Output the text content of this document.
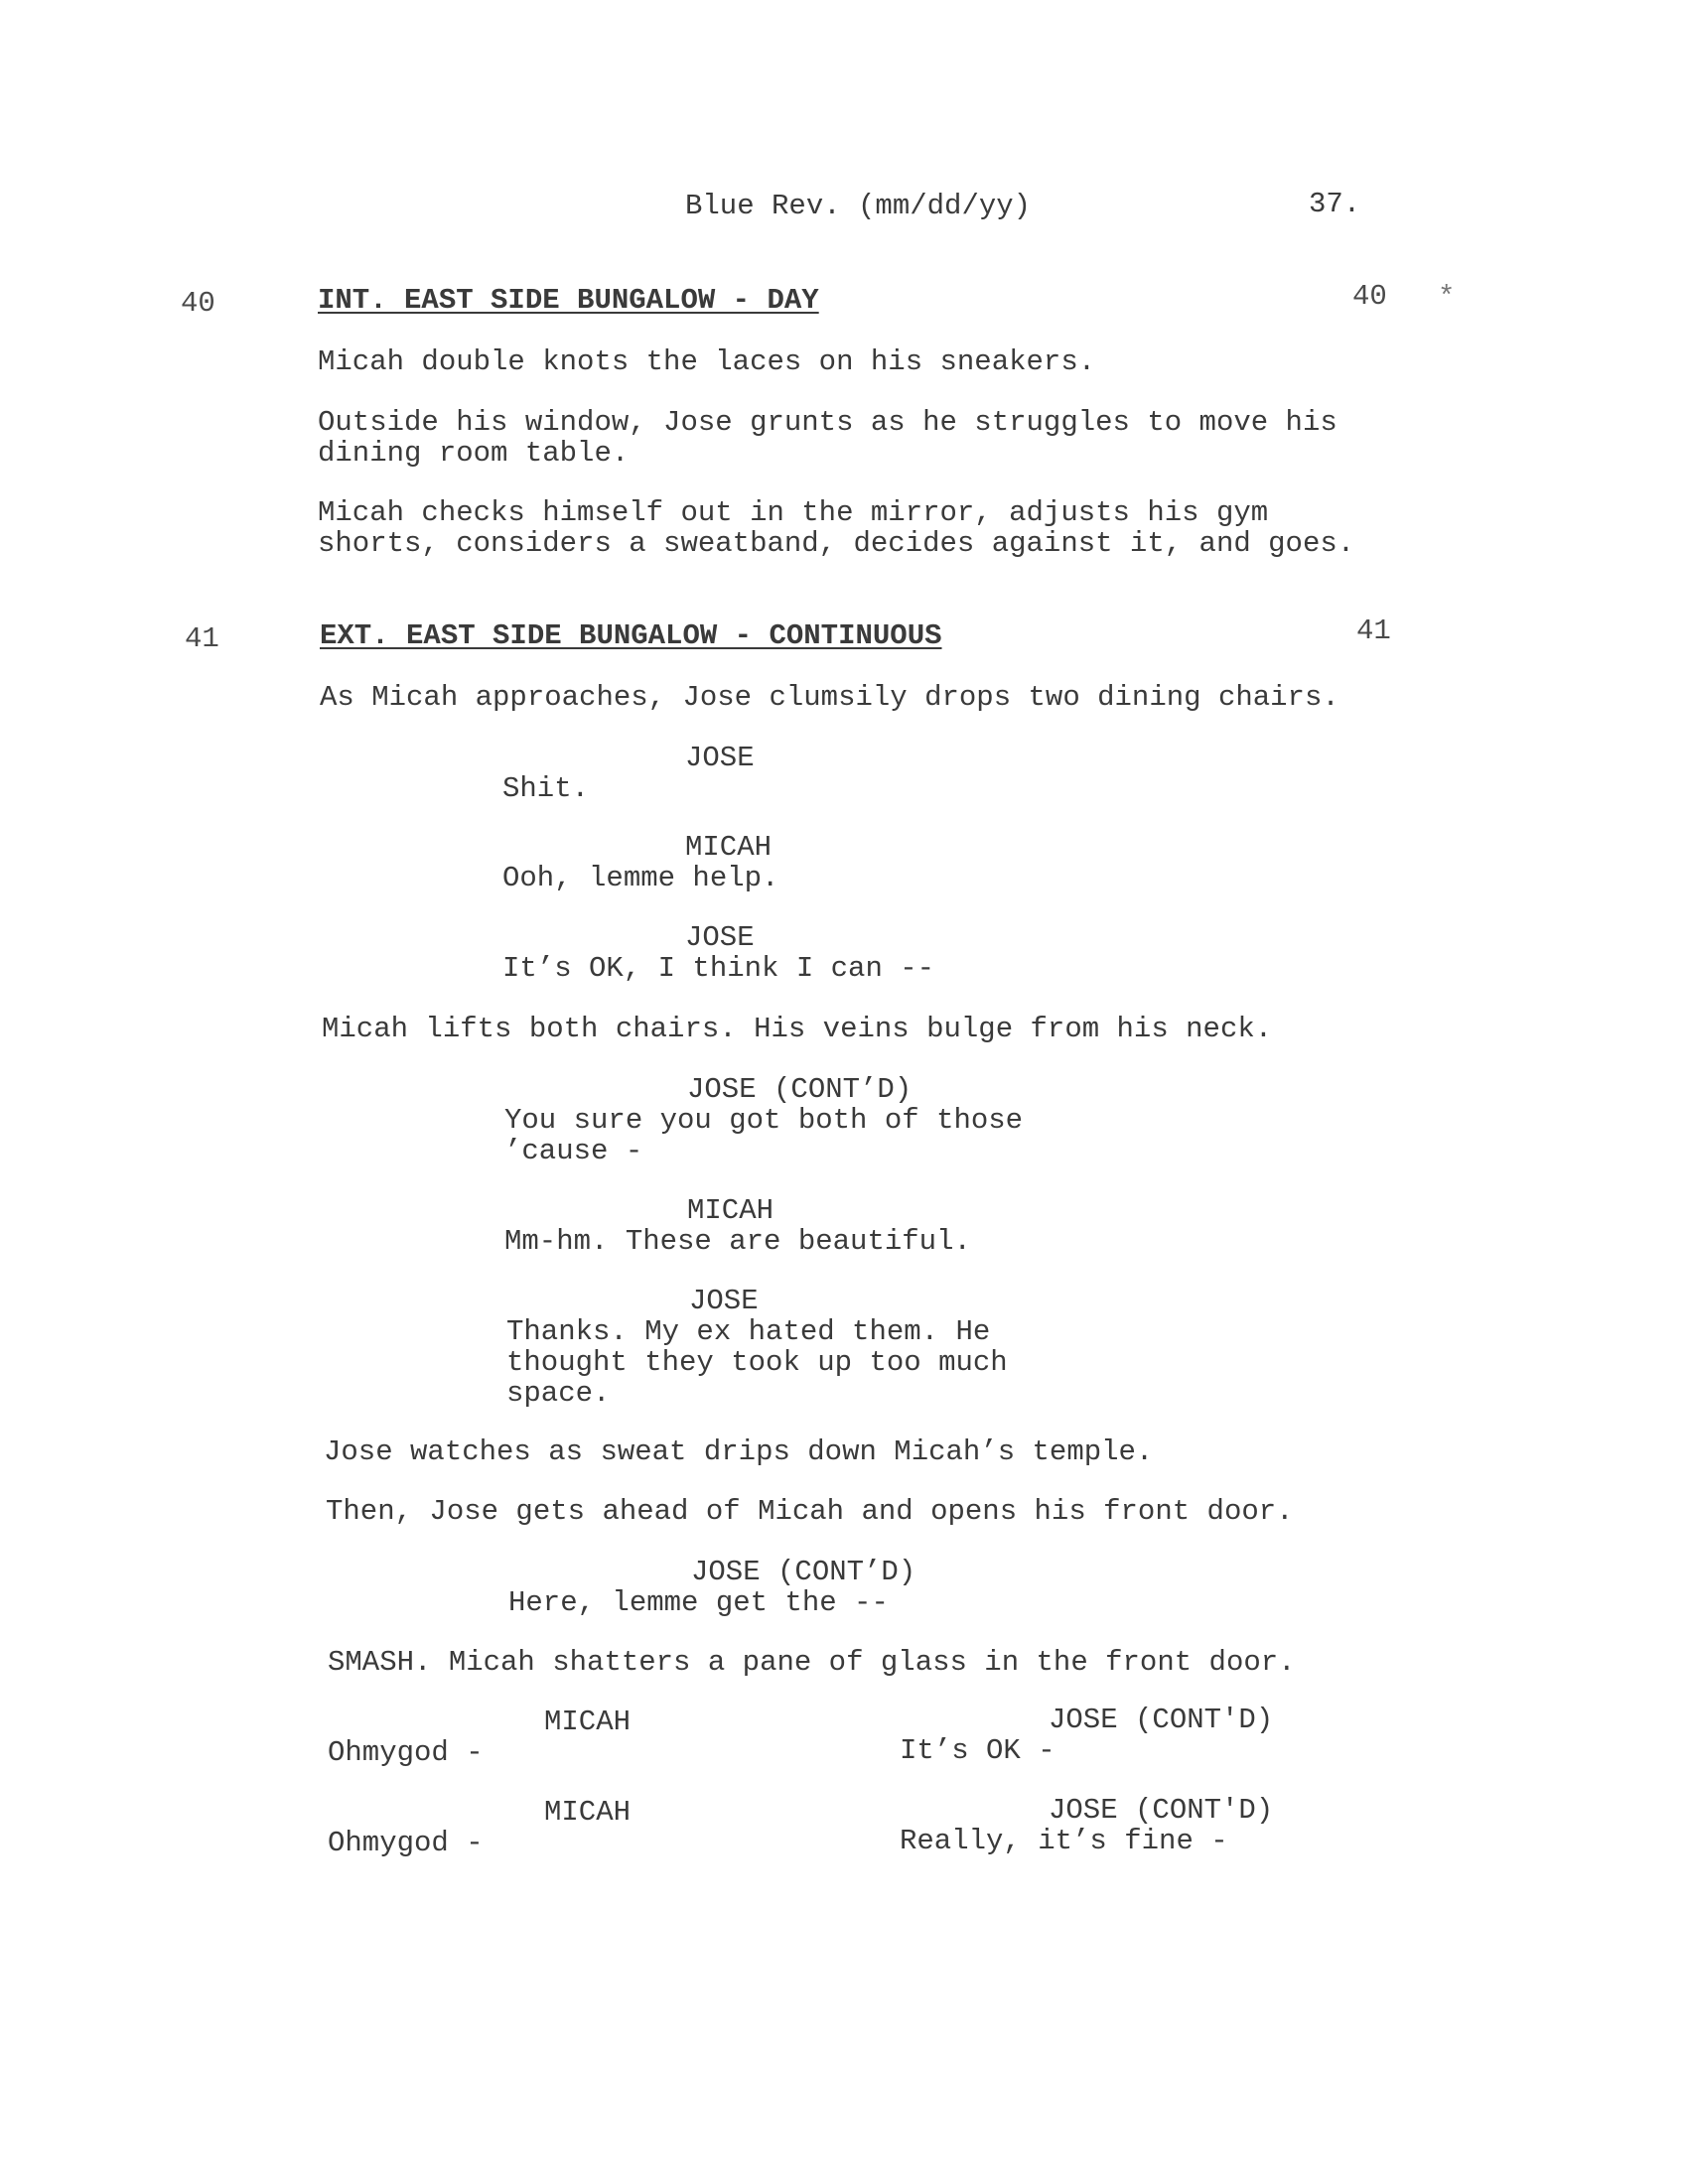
Blue Rev. (mm/dd/yy)	37.
40	INT. EAST SIDE BUNGALOW - DAY	40 *
Micah double knots the laces on his sneakers.
Outside his window, Jose grunts as he struggles to move his
dining room table.
Micah checks himself out in the mirror, adjusts his gym
shorts, considers a sweatband, decides against it, and goes.
41	EXT. EAST SIDE BUNGALOW - CONTINUOUS	41
As Micah approaches, Jose clumsily drops two dining chairs.
JOSE
Shit.
MICAH
Ooh, lemme help.
JOSE
It’s OK, I think I can --
Micah lifts both chairs. His veins bulge from his neck.
JOSE (CONT’D)
You sure you got both of those
’cause -
MICAH
Mm-hm. These are beautiful.
JOSE
Thanks. My ex hated them. He
thought they took up too much
space.
Jose watches as sweat drips down Micah’s temple.
Then, Jose gets ahead of Micah and opens his front door.
JOSE (CONT’D)
Here, lemme get the --
SMASH. Micah shatters a pane of glass in the front door.
MICAH
Ohmygod -
JOSE (CONT'D)
It’s OK -
MICAH
Ohmygod -
JOSE (CONT'D)
Really, it’s fine -
